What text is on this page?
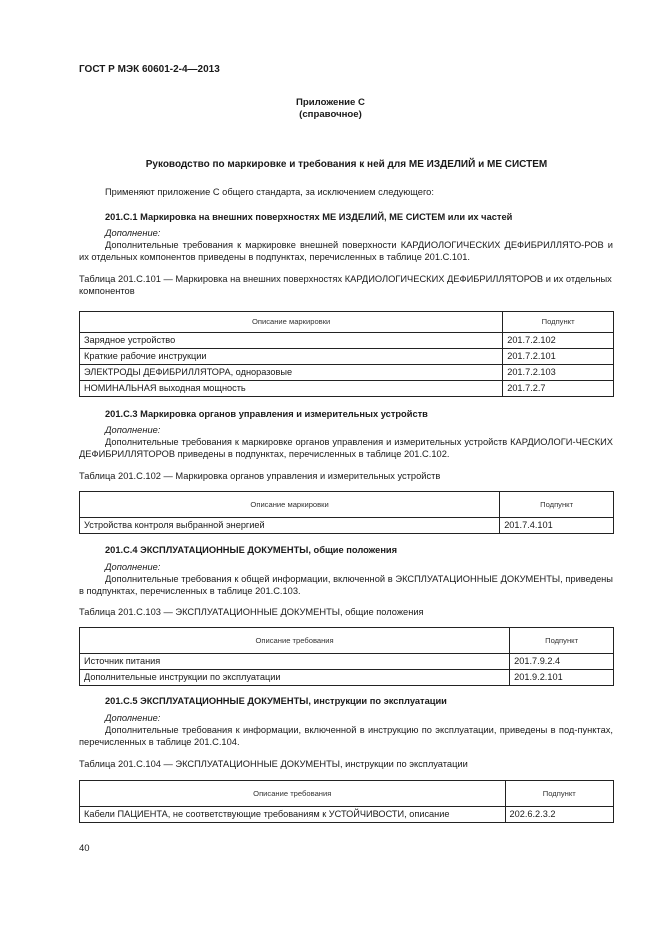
ГОСТ Р МЭК 60601-2-4—2013
Приложение С
(справочное)
Руководство по маркировке и требования к ней для МЕ ИЗДЕЛИЙ и МЕ СИСТЕМ
Применяют приложение С общего стандарта, за исключением следующего:
201.С.1 Маркировка на внешних поверхностях МЕ ИЗДЕЛИЙ, МЕ СИСТЕМ или их частей
Дополнение:
Дополнительные требования к маркировке внешней поверхности КАРДИОЛОГИЧЕСКИХ ДЕФИБРИЛЛЯТО-РОВ и их отдельных компонентов приведены в подпунктах, перечисленных в таблице 201.С.101.
Таблица 201.С.101 — Маркировка на внешних поверхностях КАРДИОЛОГИЧЕСКИХ ДЕФИБРИЛЛЯТОРОВ и их отдельных компонентов
Описание маркировки	Подпункт
Зарядное устройство	201.7.2.102
Краткие рабочие инструкции	201.7.2.101
ЭЛЕКТРОДЫ ДЕФИБРИЛЛЯТОРА, одноразовые	201.7.2.103
НОМИНАЛЬНАЯ выходная мощность	201.7.2.7
201.С.3 Маркировка органов управления и измерительных устройств
Дополнение:
Дополнительные требования к маркировке органов управления и измерительных устройств КАРДИОЛОГИ-ЧЕСКИХ ДЕФИБРИЛЛЯТОРОВ приведены в подпунктах, перечисленных в таблице 201.С.102.
Таблица 201.С.102 — Маркировка органов управления и измерительных устройств
Описание маркировки	Подпункт
Устройства контроля выбранной энергией	201.7.4.101
201.С.4 ЭКСПЛУАТАЦИОННЫЕ ДОКУМЕНТЫ, общие положения
Дополнение:
Дополнительные требования к общей информации, включенной в ЭКСПЛУАТАЦИОННЫЕ ДОКУМЕНТЫ, приведены в подпунктах, перечисленных в таблице 201.С.103.
Таблица 201.С.103 — ЭКСПЛУАТАЦИОННЫЕ ДОКУМЕНТЫ, общие положения
Описание требования	Подпункт
Источник питания	201.7.9.2.4
Дополнительные инструкции по эксплуатации	201.9.2.101
201.С.5 ЭКСПЛУАТАЦИОННЫЕ ДОКУМЕНТЫ, инструкции по эксплуатации
Дополнение:
Дополнительные требования к информации, включенной в инструкцию по эксплуатации, приведены в под-пунктах, перечисленных в таблице 201.С.104.
Таблица 201.С.104 — ЭКСПЛУАТАЦИОННЫЕ ДОКУМЕНТЫ, инструкции по эксплуатации
Описание требования	Подпункт
Кабели ПАЦИЕНТА, не соответствующие требованиям к УСТОЙЧИВОСТИ, описание	202.6.2.3.2
40
